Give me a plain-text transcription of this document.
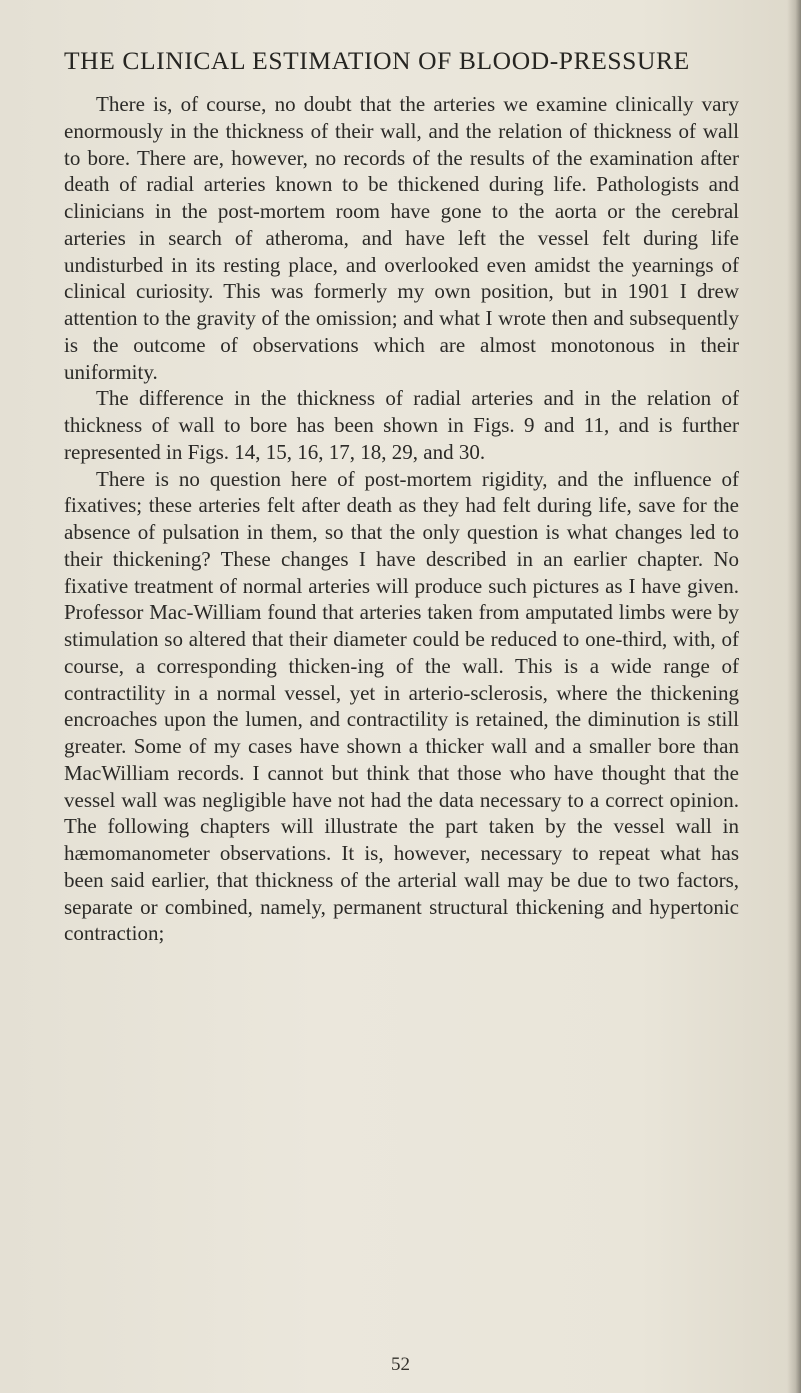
THE CLINICAL ESTIMATION OF BLOOD-PRESSURE

There is, of course, no doubt that the arteries we examine clinically vary enormously in the thickness of their wall, and the relation of thickness of wall to bore. There are, however, no records of the results of the examination after death of radial arteries known to be thickened during life. Pathologists and clinicians in the post-mortem room have gone to the aorta or the cerebral arteries in search of atheroma, and have left the vessel felt during life undisturbed in its resting place, and overlooked even amidst the yearnings of clinical curiosity. This was formerly my own position, but in 1901 I drew attention to the gravity of the omission; and what I wrote then and subsequently is the outcome of observations which are almost monotonous in their uniformity.

The difference in the thickness of radial arteries and in the relation of thickness of wall to bore has been shown in Figs. 9 and 11, and is further represented in Figs. 14, 15, 16, 17, 18, 29, and 30.

There is no question here of post-mortem rigidity, and the influence of fixatives; these arteries felt after death as they had felt during life, save for the absence of pulsation in them, so that the only question is what changes led to their thickening? These changes I have described in an earlier chapter. No fixative treatment of normal arteries will produce such pictures as I have given. Professor Mac-William found that arteries taken from amputated limbs were by stimulation so altered that their diameter could be reduced to one-third, with, of course, a corresponding thicken-ing of the wall. This is a wide range of contractility in a normal vessel, yet in arterio-sclerosis, where the thickening encroaches upon the lumen, and contractility is retained, the diminution is still greater. Some of my cases have shown a thicker wall and a smaller bore than MacWilliam records. I cannot but think that those who have thought that the vessel wall was negligible have not had the data necessary to a correct opinion. The following chapters will illustrate the part taken by the vessel wall in hæmomanometer observations. It is, however, necessary to repeat what has been said earlier, that thickness of the arterial wall may be due to two factors, separate or combined, namely, permanent structural thickening and hypertonic contraction;

52
